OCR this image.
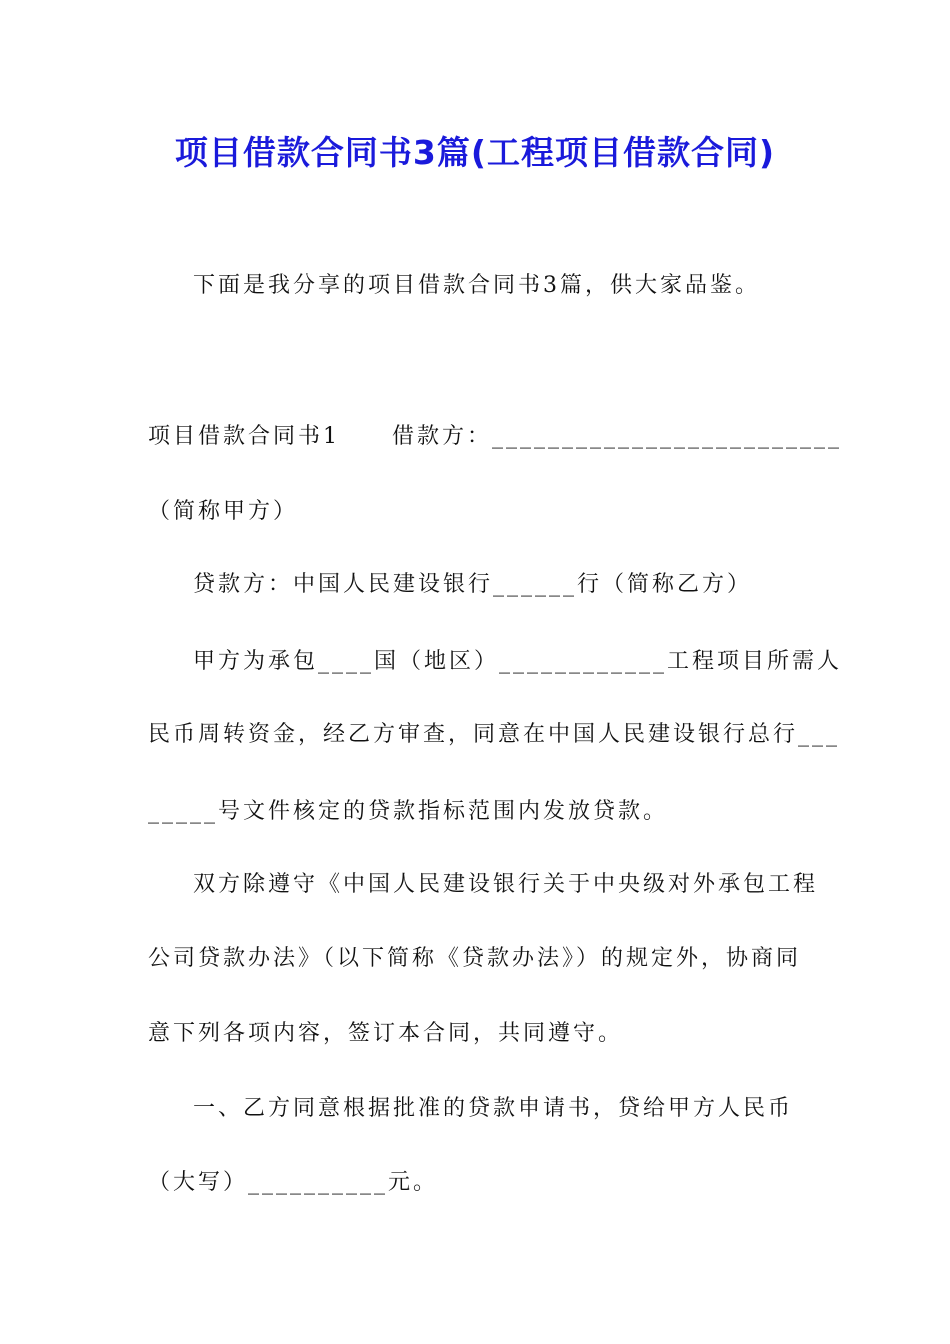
项目借款合同书3篇(工程项目借款合同)
下面是我分享的项目借款合同书3篇，供大家品鉴。
项目借款合同书1 借款方：_________________________
（简称甲方）
贷款方：中国人民建设银行______行（简称乙方）
甲方为承包____国（地区）____________工程项目所需人
民币周转资金，经乙方审查，同意在中国人民建设银行总行___
_____号文件核定的贷款指标范围内发放贷款。
双方除遵守《中国人民建设银行关于中央级对外承包工程
公司贷款办法》（以下简称《贷款办法》）的规定外，协商同
意下列各项内容，签订本合同，共同遵守。
一、乙方同意根据批准的贷款申请书，贷给甲方人民币
（大写）__________元。
